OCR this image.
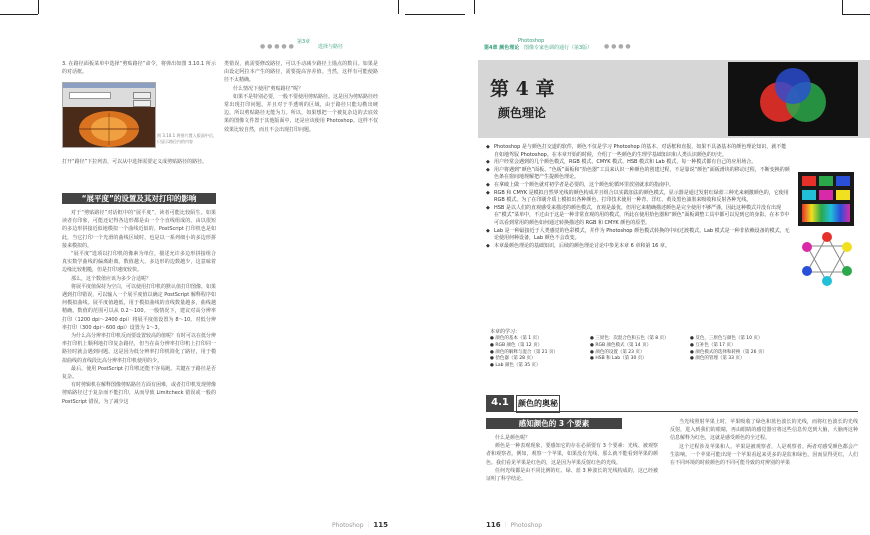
● ● ● ● ●
第3章
选择与路径
3. 在路径面板菜单中选择“剪贴路径”命令，将弹出如图 3.10.1 所示的对话框。
图 3.10.1 将图片置入版面中后，只显示路径内的内容
打开“路径”下拉列表，可以从中选择需要定义成剪贴路径的路径。
“展平度”的设置及其对打印的影响

对于“剪贴路径”对话框中的“展平度”，读者可能比较陌生。如果读者有印象，可能还记得各边形都是由一个个直线组成的。由以很短的多边形拼接近似地模拟一个曲线近似的。PostScript 打印机也是如此，当它打印一个光滑的曲线区域时，也是以一系列细小的多边形拼接来模拟的。

“展平度”选项以打印机的像素为单位，描述允许多边形拼接组合真实数学曲线的偏离距离。数值越大，多边形的边数越少，这意味着边缘比较粗糙，但是打印速度较快。

那么，这个数值应该为多少合适呢？

将展平度值保持为空白，可以使用打印机的默认值打印图像。如果遇到打印错误，可以输入一个展平度值以确定 PostScript 解释程序如何模拟曲线。展平度值越低，用于模拟曲线的直线数量越多，曲线越精确。数值的范围可以从 0.2～100。一般情况下，建议对高分辨率打印（1200 dpi～2400 dpi）将展平度值设置为 8～10。对低分辨率打印（300 dpi～600 dpi）设置为 1～3。

为什么高分辨率打印机反而要设置较高的值呢？有时可以在低分辨率打印机上顺利地打印复杂路径，但当在高分辨率打印机上打印同一路径时就会遇到问题。这是因为低分辨率打印机简化了路径，用于模拟曲线的直线段比高分辨率打印机使用的少。

最后，使用 PostScript 打印机还能不容易跑。关键在于路径是否复杂。

有时剪辑机在解释图像剪贴路径方面有困难，或者打印机发现剪像剪贴路径过于复杂而不能打印，从而导致 Limitcheck 错误或一般的 PostScript 错误。为了减少这

类错误，就需要修改路径，可以手动减少路径上锚点的数目。如果是由设定阿拉本产生的路径，需要提高容差值。当然，这样有可能使路径不太精确。

什么情况下使用“剪贴路径”呢？

如果不是特别必要，一般不要使用剪贴路径。这是因为剪贴路径经常出现打印问题。并且对于半透明的区域，由于路径只能勾勒出硬边，所以剪贴路径无能为力。所以，如果想把一个被复杂边的去底效果的图像文件置于其他版面中，还是应该使用 Photoshop。这样不仅效果比较自然，而且不会出现打印问题。

Photoshop ｜ 115
Photoshop
第4章 颜色理论 图像专家色调的通行（第3版） ● ● ● ●
第 4 章
颜色理论
◆ Photoshop 是与颜色打交道的软件，颜色不仅是学习 Photoshop 的基本、对话框和直报，如果不具备基本的颜色理论知识，就不能自如地驾驭 Photoshop。在本章开始的时候，介绍了一些颜色的生理学基础知识和人类认识颜色的历史。
◆ 用户经常会遇到的几个颜色模式，RGB 模式、CMYK 模式、HSB 模式和 Lab 模式，每一种模式都有自己的应用场合。
◆ 用户将遇到“颜色”面板、“色板”面板和“拾色器”工具来认识一种颜色的创建过程，不是靠说“颜色”面板滑块的移动过程，不断变换的颜色条在窗间地规解把产生提颜色理论。
◆ 在拿破上做一个颜色就对初学者是必要的，这个颜色轮循环里放别就求的指南中。
◆ RGB 和 CMYK 是模拟自然界光线的颜色构成并且组合以实践加法的颜色模式，显示器是通过发射红绿蓝三种光来刺激颜色的，它使用 RGB 模式。为了在印刷介质上模拟出各种颜色，打印技术使用一种青、洋红、黄及黑色油墨来吸收和反射各种光线。
◆ HSB 是以人们的直观感受来描述的颜色模式，直观是最优，但用它来精确描述颜色是完全使用不够严谨，因此这种模式并没有出现在“模式”菜单中，不过由于这是一种非常直观的用的模式，所此在使用拾色器和“颜色”面板调整工具中都可以见到它的身影。在本节中可以看到常用的颜色如何通过转换描述的 RGB 和 CMYK 颜色的原型。
◆ Lab 是一种最接近于人类感觉的色彩模式，并作为 Photoshop 颜色模式转换的中间过渡模式。Lab 模式是一种非依赖设备的模式，无论使用何种设备，Lab 颜色不会改变。
◆ 本章最颜色理论的基础知识，后续的颜色理论讨论中参见本章 6 章和第 16 章。
本章的学习：
● 颜色的基本（第 1 页）	● 三原色：次混合色和五色（第 8 页）	● 反色，三原色与颜色（第 10 页）
● RGB 颜色（第 12 页）	● RGB 颜色模式（第 14 页）	● 互补色（第 17 页）
● 颜色的解释与混合（第 21 页）	● 颜色的设置（第 23 页）	● 颜色模式的选择和转换（第 26 页）
● 拾色器（第 28 页）	● HSB 和 Lab（第 30 页）	● 颜色的管理（第 33 页）
● Lab 颜色（第 35 页）
4.1	颜色的奥秘
感知颜色的 3 个要素

什么是颜色呢？

颜色是一种表观现象，要感知它的存在必须要有 3 个要素：光线、被观察者和观察者。例如，观察一个苹果，如果没有光线，那么就不能看到苹果的颜色。我们看见苹果是红色的，这是因为苹果反射红色的光线。

任何光线都是由不同比例的红、绿、蓝 3 种波长的光线构成的，这已经被证明了科学结论。

当光线照射苹果上时，苹果吸收了绿色和蓝色波长的光线，而将红色波长的光线反射，进入到我们的眼睛，再由眼睛的感觉器官将这些信息传送到大脑，大脑再这种信息解释为红色，这就是感受颜色的全过程。

这个过程涉及苹果和人。苹果是被观察者，人是观察者。两者对感受颜色都会产生影响。一个苹果可能出现一个苹果看起来更多的是监和绿色，因而显得更红，人们在不同环境的时候颜色的不同可能导致的对辨别的苹果

116 ｜ Photoshop
